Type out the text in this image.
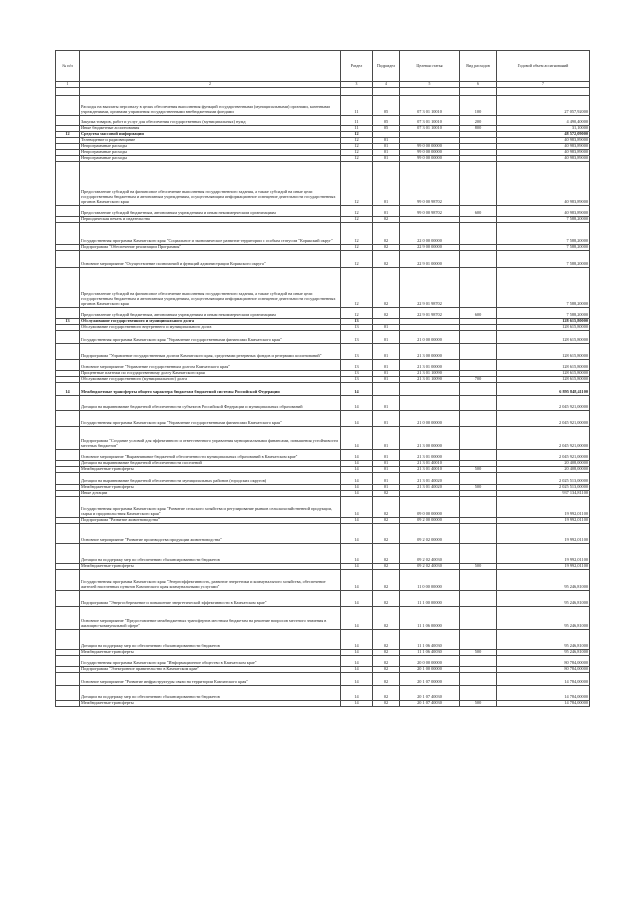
№ п/п		Раздел	Подраздел	Целевая статья	Вид расходов	Годовой объем ассигнований
1	2	3	4	5	6	7

	Расходы на выплаты персоналу в целях обеспечения выполнения функций государственными (муниципальными) органами, казенными учреждениями, органами управления государственными внебюджетными фондами	11	05	07 3 01 10010	100	27 057,92000
	Закупка товаров, работ и услуг для обеспечения государственных (муниципальных) нужд	11	05	07 3 01 10010	200	4 490,40000
	Иные бюджетные ассигнования	11	05	07 3 01 10010	800	31,10000
12	Средства массовой информации	12				48 572,09000
	Телевидение и радиовещание	12	01			40 983,89000
	Непрограммные расходы	12	01	99 0 00 00000		40 983,89000
	Непрограммные расходы	12	01	99 0 00 00000		40 983,89000
	Непрограммные расходы	12	01	99 0 00 00000		40 983,89000
	Предоставление субсидий на финансовое обеспечение выполнения государственного задания, а также субсидий на иные цели государственным бюджетным и автономным учреждениям, осуществляющим информационное освещение деятельности государственных органов Камчатского края	12	01	99 0 00 98702		40 983,89000
	Предоставление субсидий бюджетным, автономным учреждениям и иным некоммерческим организациям	12	01	99 0 00 98702	600	40 983,89000
	Периодическая печать и издательства	12	02			7 588,20000
	Государственная программа Камчатского края "Социальное и экономическое развитие территории с особым статусом "Корякский округ"	12	02	22 0 00 00000		7 588,20000
	Подпрограмма "Обеспечение реализации Программы"	12	02	22 9 00 00000		7 588,20000
	Основное мероприятие "Осуществление полномочий и функций администрации Корякского округа"	12	02	22 9 01 00000		7 588,20000
	Предоставление субсидий на финансовое обеспечение выполнения государственного задания, а также субсидий на иные цели государственным бюджетным и автономным учреждениям, осуществляющим информационное освещение деятельности государственных органов Камчатского края	12	02	22 9 01 98702		7 588,20000
	Предоставление субсидий бюджетным, автономным учреждениям и иным некоммерческим организациям	12	02	22 9 01 98702	600	7 588,20000
13	Обслуживание государственного и муниципального долга	13				128 615,80000
	Обслуживание государственного внутреннего и муниципального долга	13	01			128 615,80000
	Государственная программа Камчатского края "Управление государственными финансами Камчатского края"	13	01	21 0 00 00000		128 615,80000
	Подпрограмма "Управление государственным долгом Камчатского края, средствами резервных фондов и резервами ассигнований"	13	01	21 3 00 00000		128 615,80000
	Основное мероприятие "Управление государственным долгом Камчатского края"	13	01	21 3 01 00000		128 615,80000
	Процентные платежи по государственному долгу Камчатского края	13	01	21 3 01 10090		128 615,80000
	Обслуживание государственного (муниципального) долга	13	01	21 3 01 10090	700	128 615,80000
14	Межбюджетные трансферты общего характера бюджетам бюджетной системы Российской Федерации	14				6 895 848,41100
	Дотации на выравнивание бюджетной обеспеченности субъектов Российской Федерации и муниципальных образований	14	01			2 045 921,00000
	Государственная программа Камчатского края "Управление государственными финансами Камчатского края"	14	01	21 0 00 00000		2 045 921,00000
	Подпрограмма "Создание условий для эффективного и ответственного управления муниципальными финансами, повышения устойчивости местных бюджетов"	14	01	21 3 00 00000		2 045 921,00000
	Основное мероприятие "Выравнивание бюджетной обеспеченности муниципальных образований в Камчатском крае"	14	01	21 3 01 00000		2 045 921,00000
	Дотации на выравнивание бюджетной обеспеченности поселений	14	01	21 3 01 40010		20 408,00000
	Межбюджетные трансферты	14	01	21 3 01 40010	500	20 408,00000
	Дотации на выравнивание бюджетной обеспеченности муниципальных районов (городских округов)	14	01	21 3 01 40020		2 025 513,00000
	Межбюджетные трансферты	14	01	21 3 01 40020	500	2 025 513,00000
	Иные дотации	14	02			937 134,81100
	Государственная программа Камчатского края "Развитие сельского хозяйства и регулирование рынков сельскохозяйственной продукции, сырья и продовольствия Камчатского края"	14	02	09 0 00 00000		19 992,01100
	Подпрограмма "Развитие животноводства"	14	02	09 2 00 00000		19 992,01100
	Основное мероприятие "Развитие производства продукции животноводства"	14	02	09 2 02 00000		19 992,01100
	Дотации на поддержку мер по обеспечению сбалансированности бюджетов	14	02	09 2 02 40030		19 992,01100
	Межбюджетные трансферты	14	02	09 2 02 40030	500	19 992,01100
	Государственная программа Камчатского края "Энергоэффективность, развитие энергетики и коммунального хозяйства, обеспечение жителей населенных пунктов Камчатского края коммунальными услугами"	14	02	11 0 00 00000		95 246,81000
	Подпрограмма "Энергосбережение и повышение энергетической эффективности в Камчатском крае"	14	02	11 1 00 00000		95 246,81000
	Основное мероприятие "Предоставление межбюджетных трансфертов местным бюджетам на решение вопросов местного значения в жилищно-коммунальной сфере"	14	02	11 1 06 00000		95 246,81000
	Дотации на поддержку мер по обеспечению сбалансированности бюджетов	14	02	11 1 06 40030		95 246,81000
	Межбюджетные трансферты	14	02	11 1 06 40030	500	95 246,81000
	Государственная программа Камчатского края "Информационное общество в Камчатском крае"	14	02	20 0 00 00000		80 784,00000
	Подпрограмма "Электронное правительство в Камчатском крае"	14	02	20 1 00 00000		80 784,00000
	Основное мероприятие "Развитие инфраструктуры связи на территории Камчатского края"	14	02	20 1 07 00000		14 784,00000
	Дотации на поддержку мер по обеспечению сбалансированности бюджетов	14	02	20 1 07 40030		14 784,00000
	Межбюджетные трансферты	14	02	20 1 07 40030	500	14 784,00000
